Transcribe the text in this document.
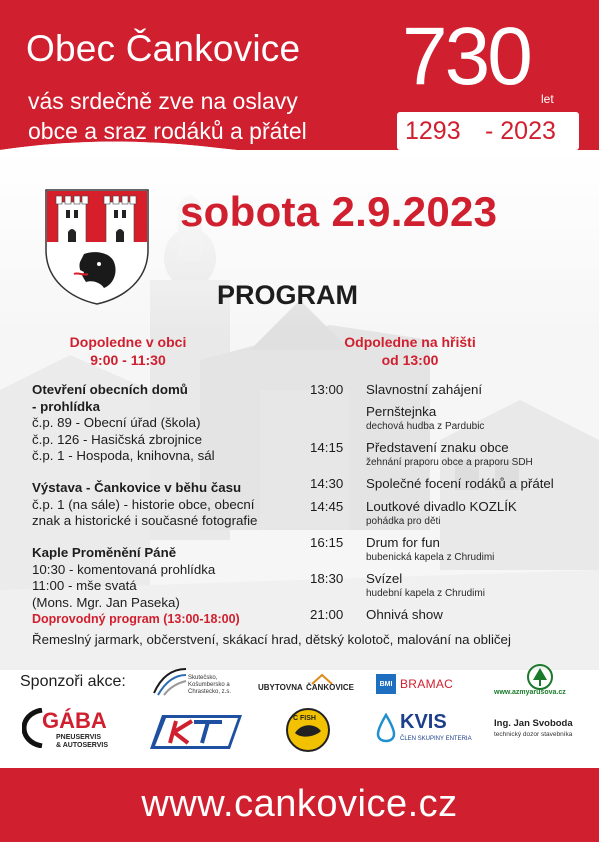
Obec Čankovice
vás srdečně zve na oslavy
obce a sraz rodáků a přátel
730 let
1293 - 2023
sobota 2.9.2023
PROGRAM
Dopoledne v obci
9:00 - 11:30
Odpoledne na hřišti
od 13:00
Otevření obecních domů
- prohlídka
č.p. 89 - Obecní úřad (škola)
č.p. 126 - Hasičská zbrojnice
č.p. 1 - Hospoda, knihovna, sál
Výstava - Čankovice v běhu času
č.p. 1 (na sále) - historie obce, obecní
znak a historické i současné fotografie
Kaple Proměnění Páně
10:30 - komentovaná prohlídka
11:00 - mše svatá
(Mons. Mgr. Jan Paseka)
Doprovodný program (13:00-18:00)
Řemeslný jarmark, občerstvení, skákací hrad, dětský kolotoč, malování na obličej
13:00 Slavnostní zahájení
Pernštejnka
dechová hudba z Pardubic
14:15 Představení znaku obce
žehnání praporu obce a praporu SDH
14:30 Společné focení rodáků a přátel
14:45 Loutkové divadlo KOZLÍK
pohádka pro děti
16:15 Drum for fun
bubenická kapela z Chrudimi
18:30 Svízel
hudební kapela z Chrudimi
21:00 Ohnivá show
Sponzoři akce:	Skutečsko, Košumbersko a Chrastecko, z.s.	UBYTOVNA ČANKOVICE	BMI BRAMAC
www.azmyarusova.cz
GÁBA
PNEUSERVIS
& AUTOSERVIS
Č FISH	KVIS
ČLEN SKUPINY ENTERIA
Ing. Jan Svoboda
technický dozor stavebníka
www.cankovice.cz
